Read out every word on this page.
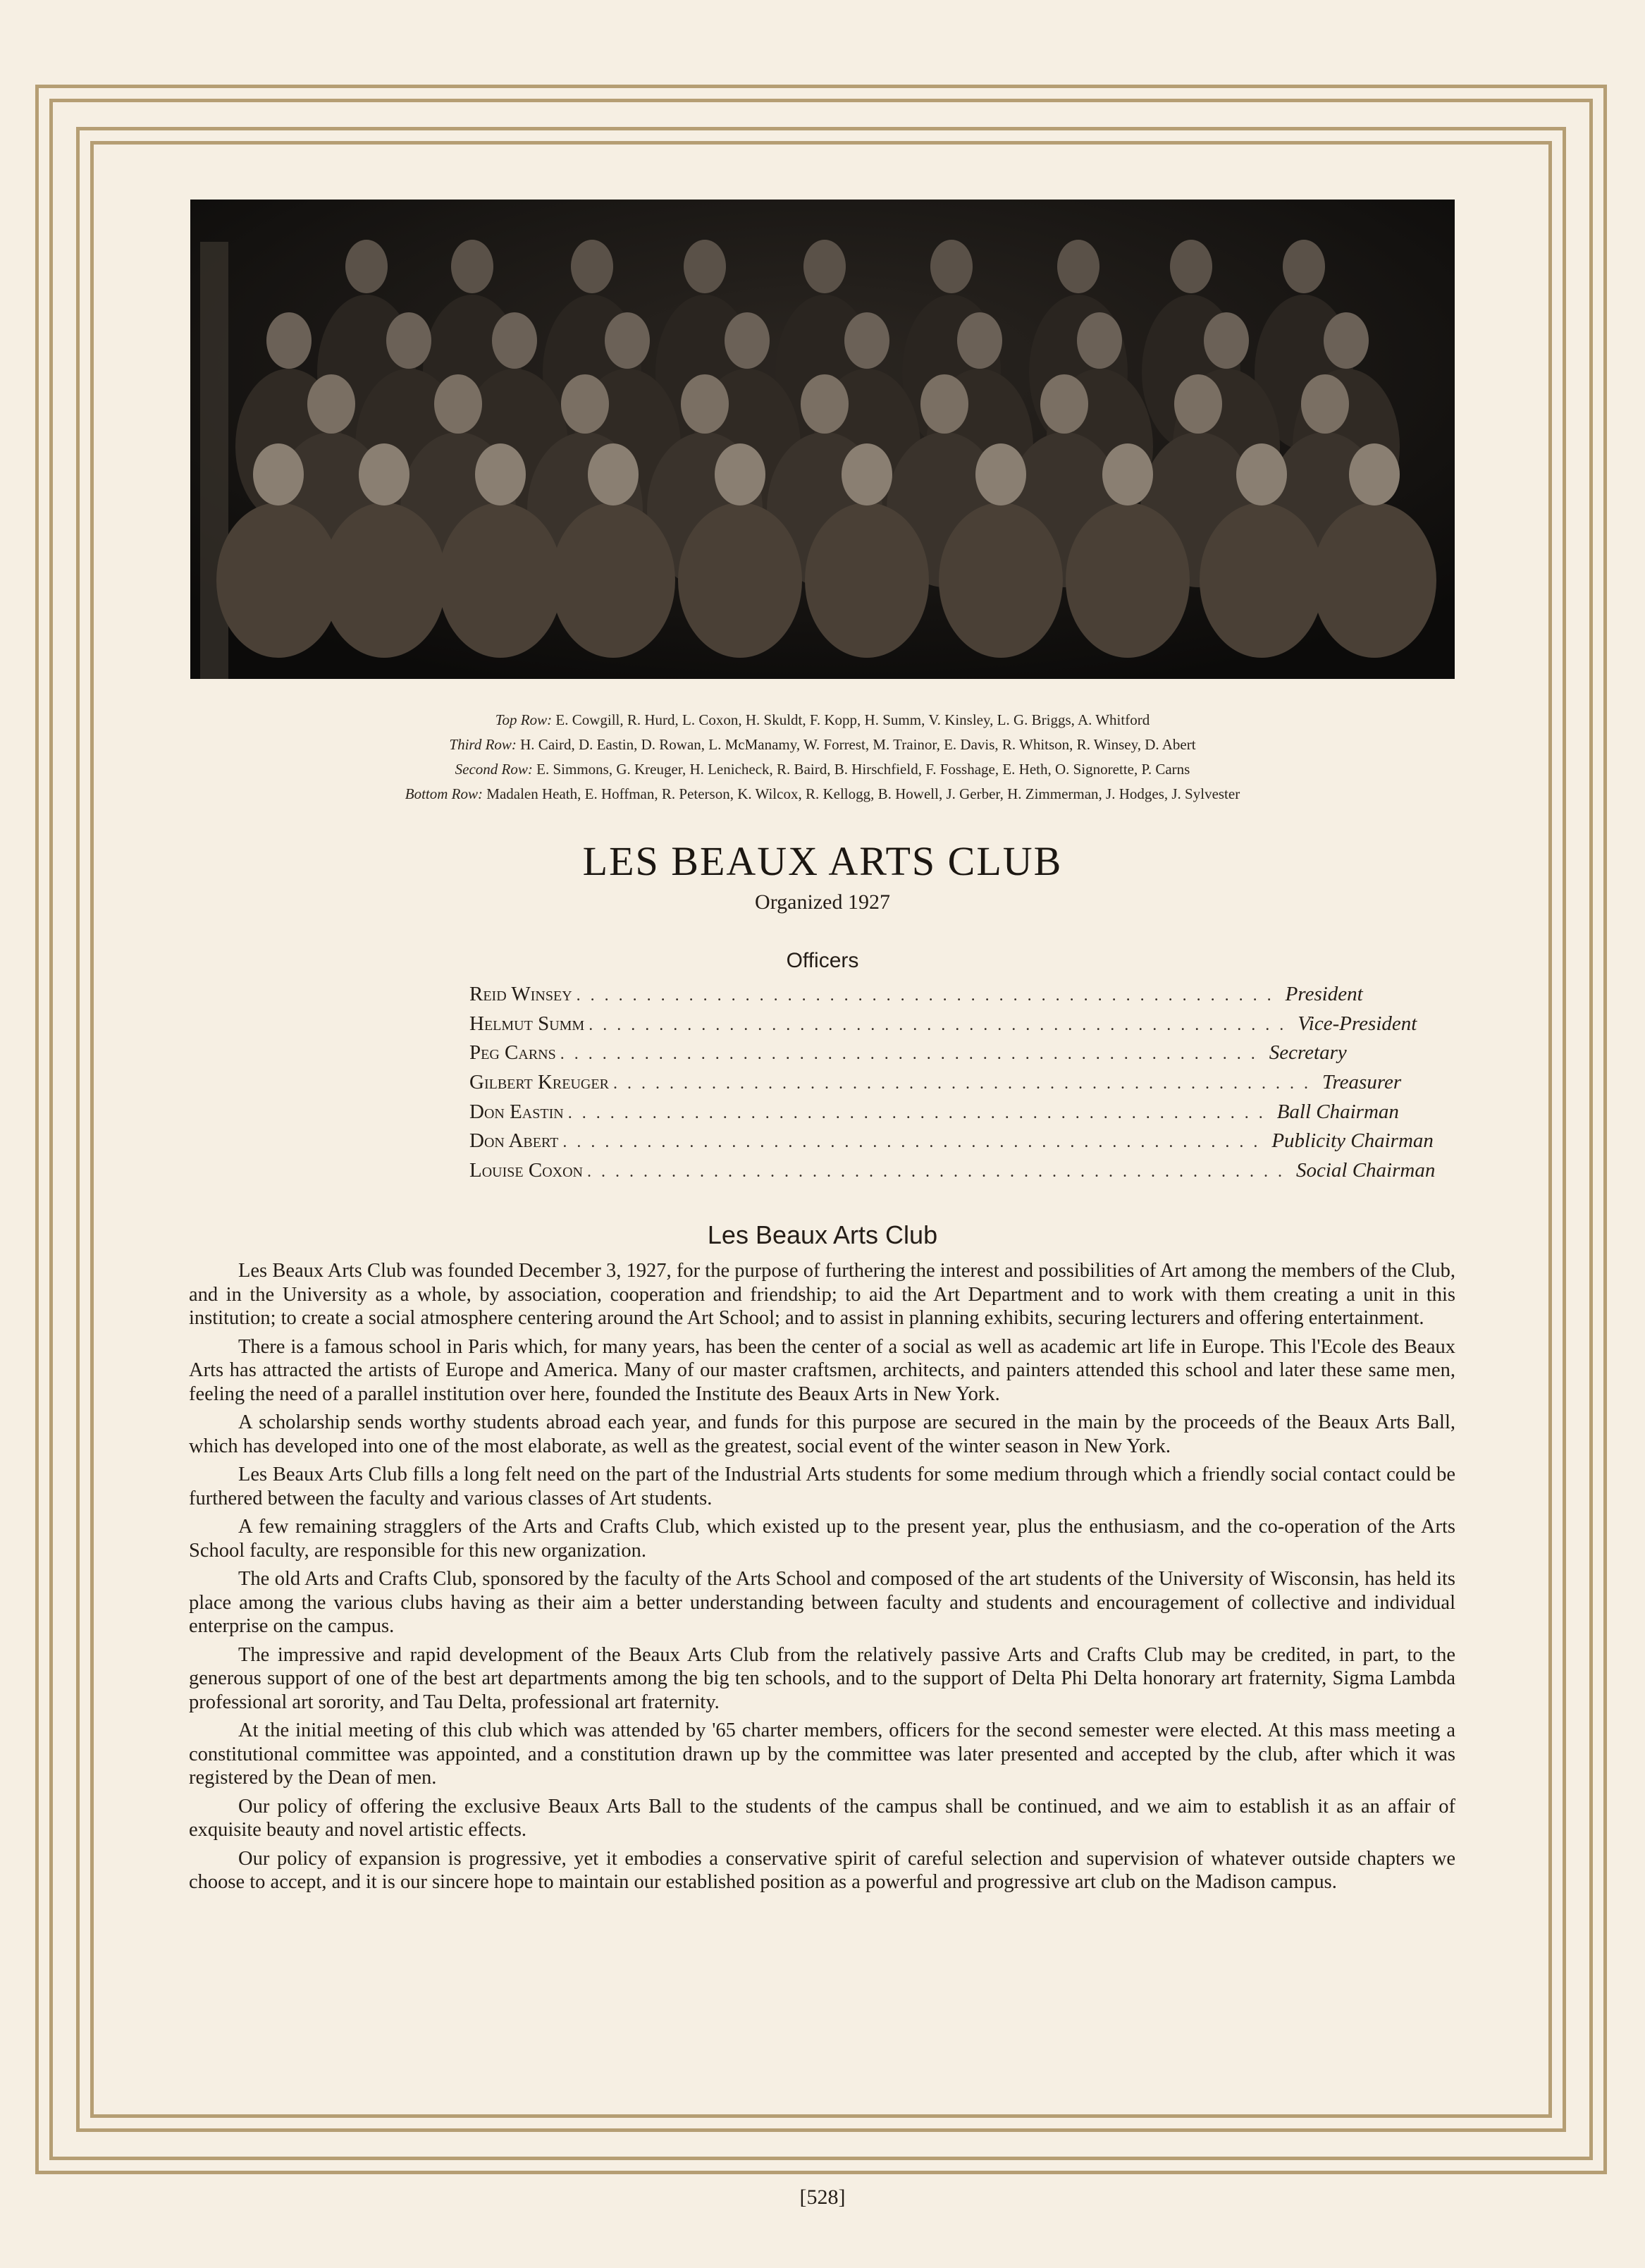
Top Row: E. Cowgill, R. Hurd, L. Coxon, H. Skuldt, F. Kopp, H. Summ, V. Kinsley, L. G. Briggs, A. Whitford
Third Row: H. Caird, D. Eastin, D. Rowan, L. McManamy, W. Forrest, M. Trainor, E. Davis, R. Whitson, R. Winsey, D. Abert
Second Row: E. Simmons, G. Kreuger, H. Lenicheck, R. Baird, B. Hirschfield, F. Fosshage, E. Heth, O. Signorette, P. Carns
Bottom Row: Madalen Heath, E. Hoffman, R. Peterson, K. Wilcox, R. Kellogg, B. Howell, J. Gerber, H. Zimmerman, J. Hodges, J. Sylvester
LES BEAUX ARTS CLUB
Organized 1927
Officers
Reid Winsey .................................................. President
Helmut Summ .................................................. Vice-President
Peg Carns .................................................. Secretary
Gilbert Kreuger .................................................. Treasurer
Don Eastin .................................................. Ball Chairman
Don Abert .................................................. Publicity Chairman
Louise Coxon .................................................. Social Chairman
Les Beaux Arts Club

Les Beaux Arts Club was founded December 3, 1927, for the purpose of furthering the interest and possibilities of Art among the members of the Club, and in the University as a whole, by association, cooperation and friendship; to aid the Art Department and to work with them creating a unit in this institution; to create a social atmosphere centering around the Art School; and to assist in planning exhibits, securing lecturers and offering entertainment.

There is a famous school in Paris which, for many years, has been the center of a social as well as academic art life in Europe. This l'Ecole des Beaux Arts has attracted the artists of Europe and America. Many of our master craftsmen, architects, and painters attended this school and later these same men, feeling the need of a parallel institution over here, founded the Institute des Beaux Arts in New York.

A scholarship sends worthy students abroad each year, and funds for this purpose are secured in the main by the proceeds of the Beaux Arts Ball, which has developed into one of the most elaborate, as well as the greatest, social event of the winter season in New York.

Les Beaux Arts Club fills a long felt need on the part of the Industrial Arts students for some medium through which a friendly social contact could be furthered between the faculty and various classes of Art students.

A few remaining stragglers of the Arts and Crafts Club, which existed up to the present year, plus the enthusiasm, and the co-operation of the Arts School faculty, are responsible for this new organization.

The old Arts and Crafts Club, sponsored by the faculty of the Arts School and composed of the art students of the University of Wisconsin, has held its place among the various clubs having as their aim a better understanding between faculty and students and encouragement of collective and individual enterprise on the campus.

The impressive and rapid development of the Beaux Arts Club from the relatively passive Arts and Crafts Club may be credited, in part, to the generous support of one of the best art departments among the big ten schools, and to the support of Delta Phi Delta honorary art fraternity, Sigma Lambda professional art sorority, and Tau Delta, professional art fraternity.

At the initial meeting of this club which was attended by '65 charter members, officers for the second semester were elected. At this mass meeting a constitutional committee was appointed, and a constitution drawn up by the committee was later presented and accepted by the club, after which it was registered by the Dean of men.

Our policy of offering the exclusive Beaux Arts Ball to the students of the campus shall be continued, and we aim to establish it as an affair of exquisite beauty and novel artistic effects.

Our policy of expansion is progressive, yet it embodies a conservative spirit of careful selection and supervision of whatever outside chapters we choose to accept, and it is our sincere hope to maintain our established position as a powerful and progressive art club on the Madison campus.

[528]
